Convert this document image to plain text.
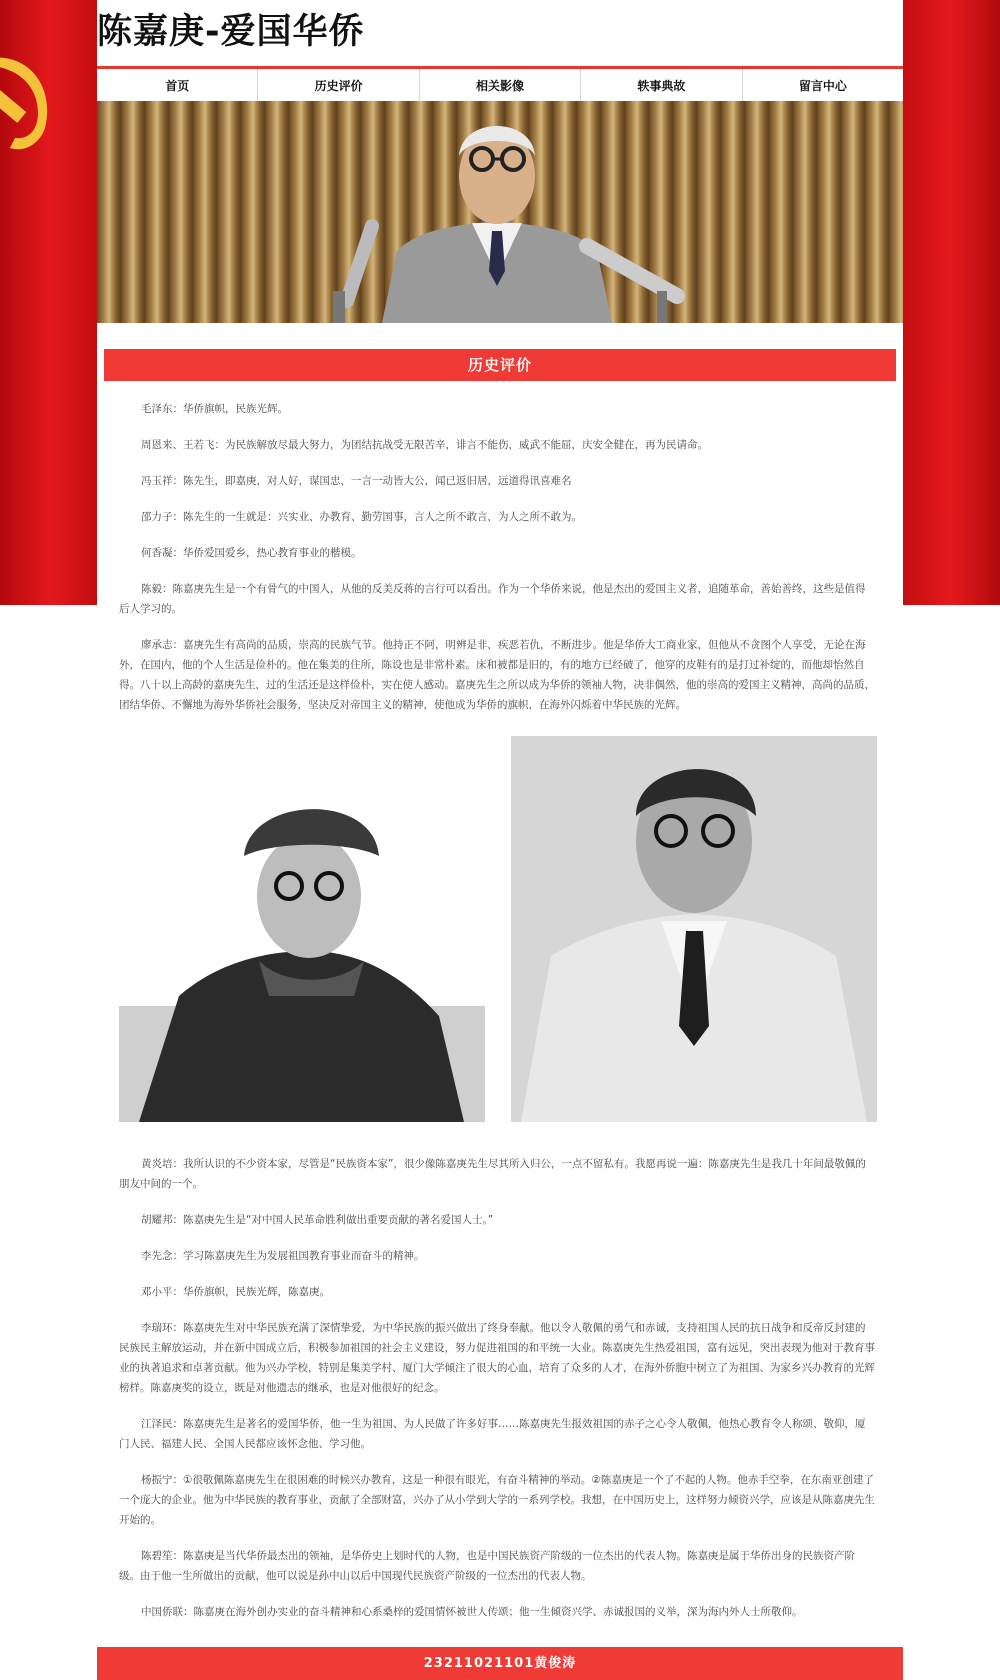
陈嘉庚-爱国华侨
首页	历史评价	相关影像	轶事典故	留言中心
历史评价

毛泽东：华侨旗帜，民族光辉。

周恩来、王若飞：为民族解放尽最大努力，为团结抗战受无限苦辛，诽言不能伤，威武不能屈，庆安全健在，再为民请命。

冯玉祥：陈先生，即嘉庚，对人好，谋国忠，一言一动皆大公，闻已返旧居，远道得讯喜难名

邵力子：陈先生的一生就是：兴实业、办教育、勤劳国事，言人之所不敢言，为人之所不敢为。

何香凝：华侨爱国爱乡，热心教育事业的楷模。

陈毅：陈嘉庚先生是一个有骨气的中国人，从他的反美反蒋的言行可以看出。作为一个华侨来说，他是杰出的爱国主义者，追随革命，善始善终，这些是值得后人学习的。

廖承志：嘉庚先生有高尚的品质，崇高的民族气节。他持正不阿，明辨是非，疾恶若仇，不断进步。他是华侨大工商业家，但他从不贪图个人享受，无论在海外，在国内，他的个人生活是俭朴的。他在集美的住所，陈设也是非常朴素。床和被都是旧的，有的地方已经破了，他穿的皮鞋有的是打过补绽的，而他却怡然自得。八十以上高龄的嘉庚先生，过的生活还是这样俭朴，实在使人感动。嘉庚先生之所以成为华侨的领袖人物，决非偶然，他的崇高的爱国主义精神，高尚的品质，团结华侨、不懈地为海外华侨社会服务，坚决反对帝国主义的精神，使他成为华侨的旗帜，在海外闪烁着中华民族的光辉。

黄炎培：我所认识的不少资本家，尽管是“民族资本家”，很少像陈嘉庚先生尽其所入归公，一点不留私有。我愿再说一遍：陈嘉庚先生是我几十年间最敬佩的朋友中间的一个。

胡耀邦：陈嘉庚先生是“对中国人民革命胜利做出重要贡献的著名爱国人士。”

李先念：学习陈嘉庚先生为发展祖国教育事业而奋斗的精神。

邓小平：华侨旗帜，民族光辉，陈嘉庚。

李瑞环：陈嘉庚先生对中华民族充满了深情挚爱，为中华民族的振兴做出了终身奉献。他以令人敬佩的勇气和赤诚，支持祖国人民的抗日战争和反帝反封建的民族民主解放运动，并在新中国成立后，积极参加祖国的社会主义建设，努力促进祖国的和平统一大业。陈嘉庚先生热爱祖国，富有远见，突出表现为他对于教育事业的执著追求和卓著贡献。他为兴办学校，特别是集美学村、厦门大学倾注了很大的心血，培育了众多的人才，在海外侨胞中树立了为祖国、为家乡兴办教育的光辉榜样。陈嘉庚奖的设立，既是对他遗志的继承，也是对他很好的纪念。

江泽民：陈嘉庚先生是著名的爱国华侨，他一生为祖国、为人民做了许多好事……陈嘉庚先生报效祖国的赤子之心令人敬佩，他热心教育令人称颂、敬仰，厦门人民、福建人民、全国人民都应该怀念他、学习他。

杨振宁：①很敬佩陈嘉庚先生在很困难的时候兴办教育，这是一种很有眼光，有奋斗精神的举动。②陈嘉庚是一个了不起的人物。他赤手空拳，在东南亚创建了一个庞大的企业。他为中华民族的教育事业，贡献了全部财富，兴办了从小学到大学的一系列学校。我想，在中国历史上，这样努力倾资兴学，应该是从陈嘉庚先生开始的。

陈碧笙：陈嘉庚是当代华侨最杰出的领袖，是华侨史上划时代的人物，也是中国民族资产阶级的一位杰出的代表人物。陈嘉庚是属于华侨出身的民族资产阶级。由于他一生所做出的贡献，他可以说是孙中山以后中国现代民族资产阶级的一位杰出的代表人物。

中国侨联：陈嘉庚在海外创办实业的奋斗精神和心系桑梓的爱国情怀被世人传颂；他一生倾资兴学、赤诚报国的义举，深为海内外人士所敬仰。

23211021101黄俊涛
